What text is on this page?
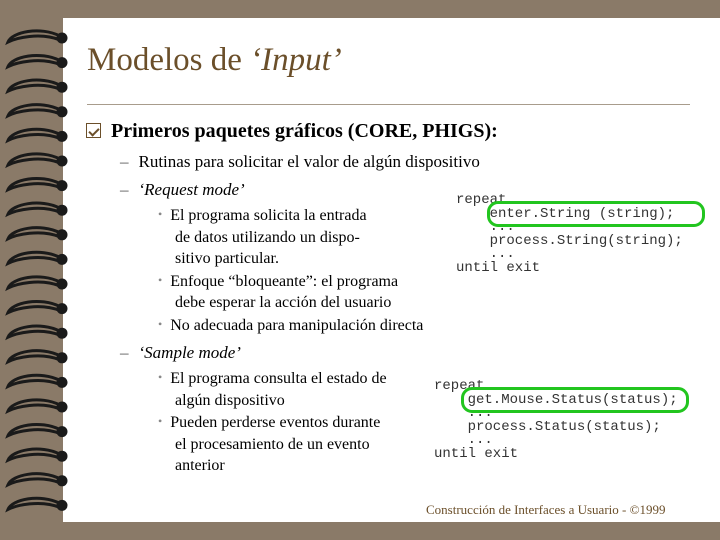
Modelos de ‘Input’
Primeros paquetes gráficos (CORE, PHIGS):
– Rutinas para solicitar el valor de algún dispositivo
– ‘Request mode’
• El programa solicita la entrada
de datos utilizando un dispo-
sitivo particular.
• Enfoque “bloqueante”: el programa
debe esperar la acción del usuario
• No adecuada para manipulación directa
repeat
enter.String (string);
...
process.String(string);
...
until exit
– ‘Sample mode’
• El programa consulta el estado de
algún dispositivo
• Pueden perderse eventos durante
el procesamiento de un evento
anterior
repeat
get.Mouse.Status(status);
...
process.Status(status);
...
until exit
Construcción de Interfaces a Usuario - ©1999
